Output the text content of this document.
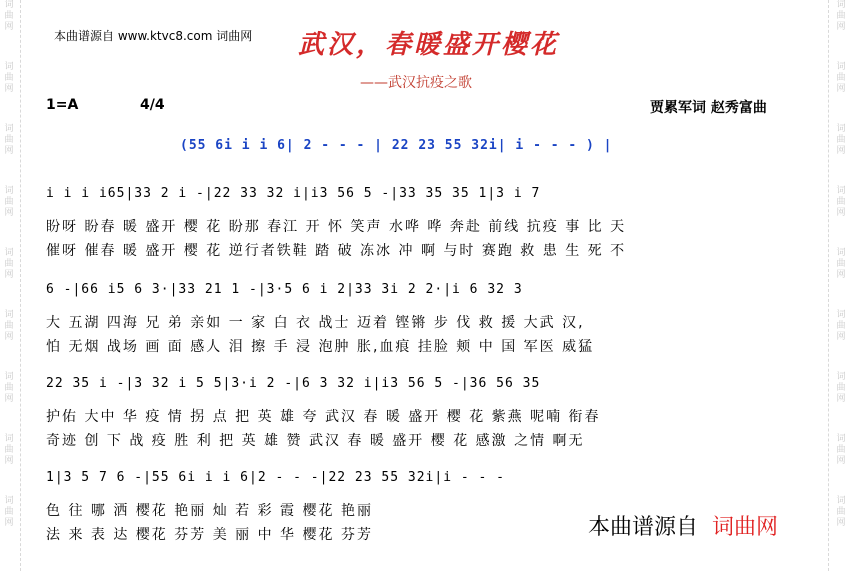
词曲网
词曲网
词曲网
词曲网
词曲网
词曲网
词曲网
词曲网
词曲网
词曲网
词曲网
词曲网
词曲网
词曲网
词曲网
词曲网
词曲网
词曲网
本曲谱源自 www.ktvc8.com 词曲网 武汉，春暖盛开樱花
——武汉抗疫之歌
1=A	4/4	贾累军词 赵秀富曲
(55 6i i i 6| 2 - - - | 22 23 55 32i| i - - - ) |
i i i i65|33 2 i -|22 33 32 i|i3 56 5 -|33 35 35 1|3 i 7
盼呀 盼春 暖 盛开 樱 花 盼那 春江 开 怀 笑声 水哗 哗 奔赴 前线 抗疫 事 比 天
催呀 催春 暖 盛开 樱 花 逆行者铁鞋 踏 破 冻冰 冲 啊 与时 赛跑 救 患 生 死 不
6 -|66 i5 6 3·|33 21 1 -|3·5 6 i 2|33 3i 2 2·|i 6 32 3
大 五湖 四海 兄 弟 亲如 一 家 白 衣 战士 迈着 铿锵 步 伐 救 援 大武 汉,
怕 无烟 战场 画 面 感人 泪 擦 手 浸 泡肿 胀,血痕 挂脸 颊 中 国 军医 威猛
22 35 i -|3 32 i 5 5|3·i 2 -|6 3 32 i|i3 56 5 -|36 56 35
护佑 大中 华 疫 情 拐 点 把 英 雄 夸 武汉 春 暖 盛开 樱 花 紫燕 呢喃 衔春
奇迹 创 下 战 疫 胜 利 把 英 雄 赞 武汉 春 暖 盛开 樱 花 感激 之情 啊无
1|3 5 7 6 -|55 6i i i 6|2 - - -|22 23 55 32i|i - - -
色 往 哪 洒 樱花 艳丽 灿 若 彩 霞 樱花 艳丽
法 来 表 达 樱花 芬芳 美 丽 中 华 樱花 芬芳	本曲谱源自 词曲网
